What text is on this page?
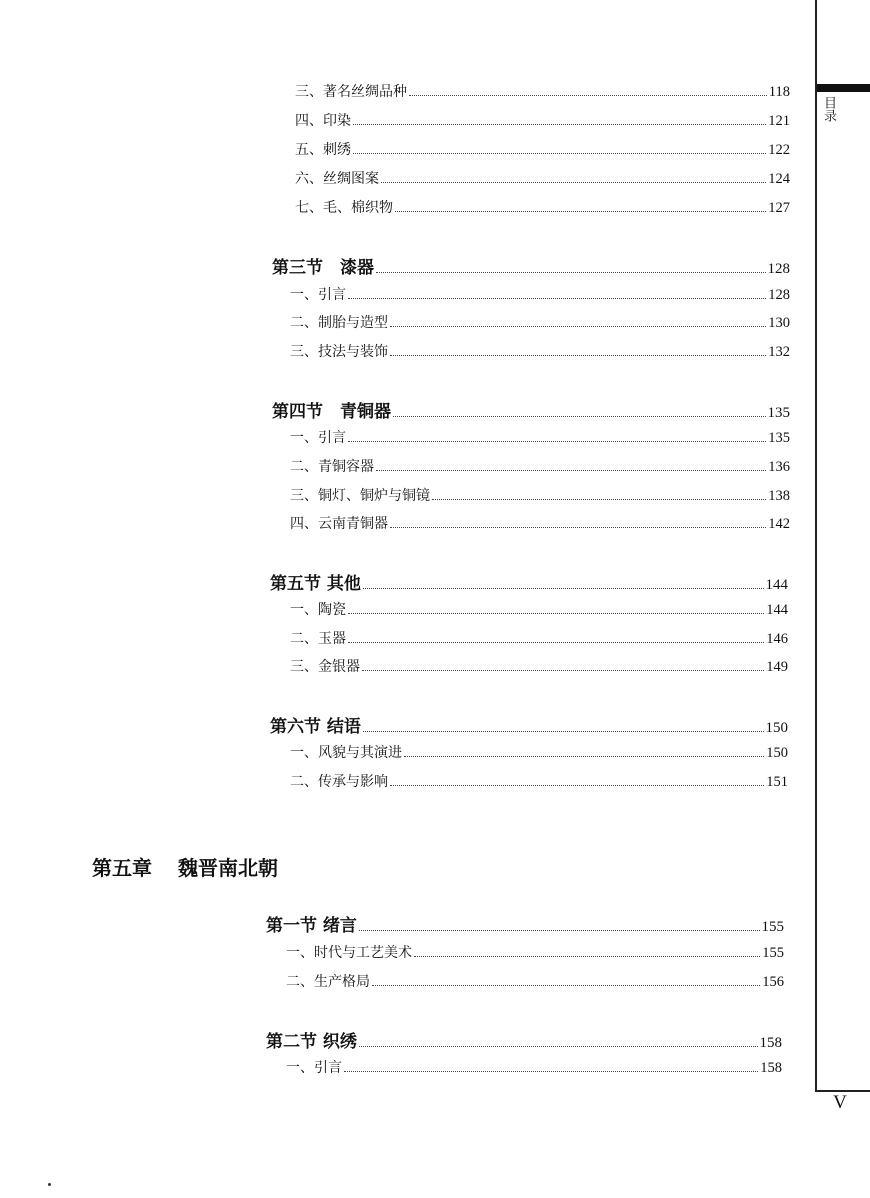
目录
V
三、著名丝绸品种	118
四、印染	121
五、刺绣	122
六、丝绸图案	124
七、毛、棉织物	127
第三节　漆器	128
一、引言	128
二、制胎与造型	130
三、技法与装饰	132
第四节　青铜器	135
一、引言	135
二、青铜容器	136
三、铜灯、铜炉与铜镜	138
四、云南青铜器	142
第五节 其他	144
一、陶瓷	144
二、玉器	146
三、金银器	149
第六节 结语	150
一、风貌与其演进	150
二、传承与影响	151
第五章 魏晋南北朝
第一节 绪言	155
一、时代与工艺美术	155
二、生产格局	156
第二节 织绣	158
一、引言	158
